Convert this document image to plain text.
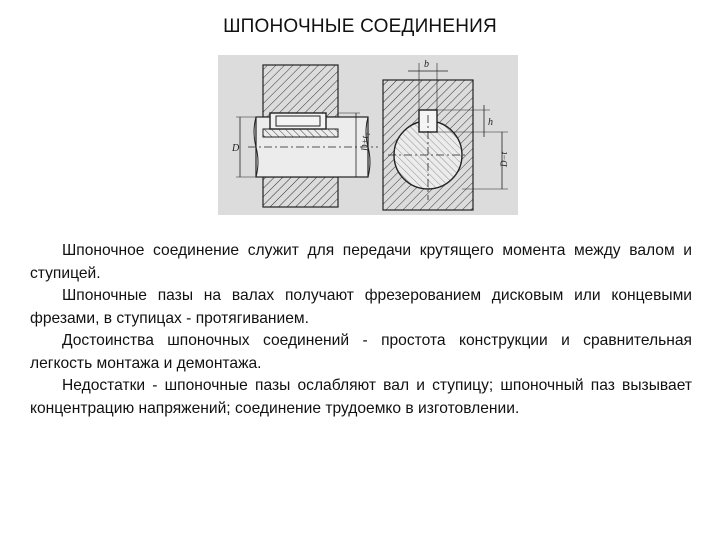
ШПОНОЧНЫЕ СОЕДИНЕНИЯ
D	D+t₁
b
h
D−t

Шпоночное соединение служит для передачи крутящего момента между валом и ступицей.

Шпоночные пазы на валах получают фрезерованием дисковым или концевыми фрезами, в ступицах - протягиванием.

Достоинства шпоночных соединений - простота конструкции и сравнительная легкость монтажа и демонтажа.

Недостатки - шпоночные пазы ослабляют вал и ступицу; шпоночный паз вызывает концентрацию напряжений; соединение трудоемко в изготовлении.
